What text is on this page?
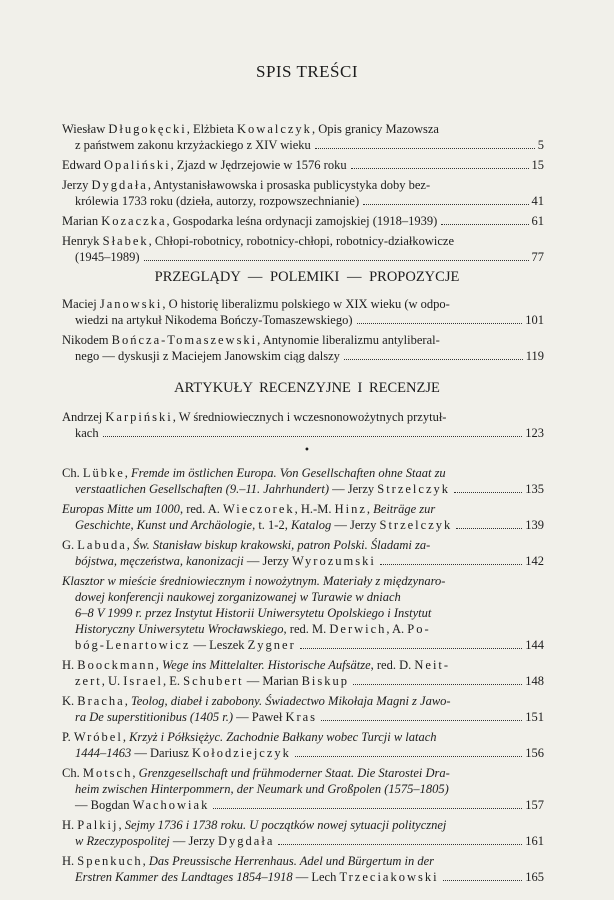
SPIS TREŚCI
Wiesław Długokęcki, Elżbieta Kowalczyk, Opis granicy Mazowsza
z państwem zakonu krzyżackiego z XIV wieku	5
Edward Opaliński, Zjazd w Jędrzejowie w 1576 roku	15
Jerzy Dygdała, Antystanisławowska i prosaska publicystyka doby bez-
królewia 1733 roku (dzieła, autorzy, rozpowszechnianie)	41
Marian Kozaczka, Gospodarka leśna ordynacji zamojskiej (1918–1939)	61
Henryk Słabek, Chłopi-robotnicy, robotnicy-chłopi, robotnicy-działkowicze
(1945–1989)	77
PRZEGLĄDY — POLEMIKI — PROPOZYCJE
Maciej Janowski, O historię liberalizmu polskiego w XIX wieku (w odpo-
wiedzi na artykuł Nikodema Bończy-Tomaszewskiego)	101
Nikodem Bończa-Tomaszewski, Antynomie liberalizmu antyliberal-
nego — dyskusji z Maciejem Janowskim ciąg dalszy	119
ARTYKUŁY RECENZYJNE I RECENZJE
Andrzej Karpiński, W średniowiecznych i wczesnonowożytnych przytuł-
kach	123
•
Ch. Lübke, Fremde im östlichen Europa. Von Gesellschaften ohne Staat zu
verstaatlichen Gesellschaften (9.–11. Jahrhundert) — Jerzy Strzelczyk	135
Europas Mitte um 1000, red. A. Wieczorek, H.-M. Hinz, Beiträge zur
Geschichte, Kunst und Archäologie, t. 1-2, Katalog — Jerzy Strzelczyk	139
G. Labuda, Św. Stanisław biskup krakowski, patron Polski. Śladami za-
bójstwa, męczeństwa, kanonizacji — Jerzy Wyrozumski	142
Klasztor w mieście średniowiecznym i nowożytnym. Materiały z międzynaro-
dowej konferencji naukowej zorganizowanej w Turawie w dniach
6–8 V 1999 r. przez Instytut Historii Uniwersytetu Opolskiego i Instytut
Historyczny Uniwersytetu Wrocławskiego, red. M. Derwich, A. Po-
bóg-Lenartowicz — Leszek Zygner	144
H. Boockmann, Wege ins Mittelalter. Historische Aufsätze, red. D. Neit-
zert, U. Israel, E. Schubert — Marian Biskup	148
K. Bracha, Teolog, diabeł i zabobony. Świadectwo Mikołaja Magni z Jawo-
ra De superstitionibus (1405 r.) — Paweł Kras	151
P. Wróbel, Krzyż i Półksiężyc. Zachodnie Bałkany wobec Turcji w latach
1444–1463 — Dariusz Kołodziejczyk	156
Ch. Motsch, Grenzgesellschaft und frühmoderner Staat. Die Starostei Dra-
heim zwischen Hinterpommern, der Neumark und Großpolen (1575–1805)
— Bogdan Wachowiak	157
H. Palkij, Sejmy 1736 i 1738 roku. U początków nowej sytuacji politycznej
w Rzeczypospolitej — Jerzy Dygdała	161
H. Spenkuch, Das Preussische Herrenhaus. Adel und Bürgertum in der
Erstren Kammer des Landtages 1854–1918 — Lech Trzeciakowski	165
